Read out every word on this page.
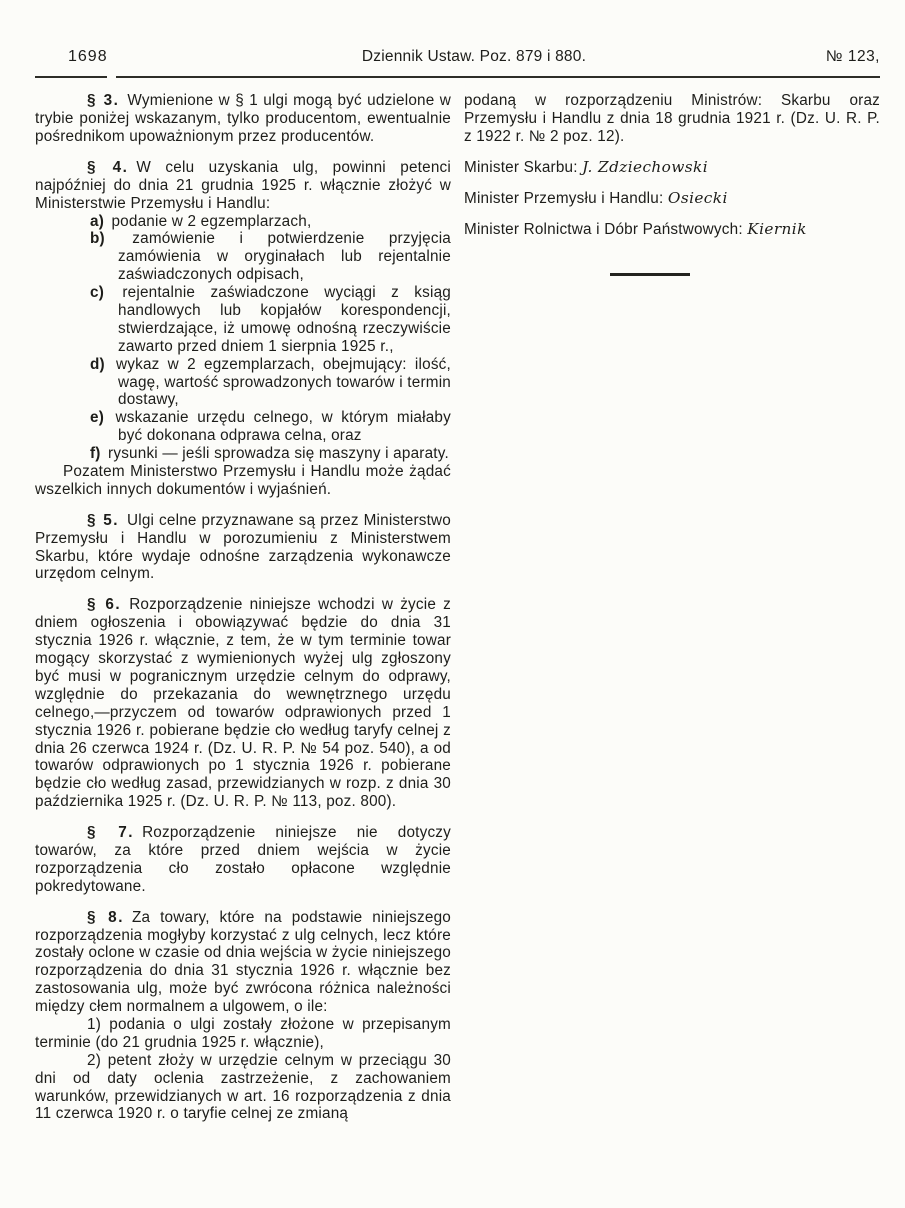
1698	Dziennik Ustaw. Poz. 879 i 880.	№ 123,

§ 3. Wymienione w § 1 ulgi mogą być udzielone w trybie poniżej wskazanym, tylko producentom, ewentualnie pośrednikom upoważnionym przez producentów.

§ 4. W celu uzyskania ulg, powinni petenci najpóźniej do dnia 21 grudnia 1925 r. włącznie złożyć w Ministerstwie Przemysłu i Handlu:

a) podanie w 2 egzemplarzach,

b) zamówienie i potwierdzenie przyjęcia zamówienia w oryginałach lub rejentalnie zaświadczonych odpisach,

c) rejentalnie zaświadczone wyciągi z ksiąg handlowych lub kopjałów korespondencji, stwierdzające, iż umowę odnośną rzeczywiście zawarto przed dniem 1 sierpnia 1925 r.,

d) wykaz w 2 egzemplarzach, obejmujący: ilość, wagę, wartość sprowadzonych towarów i termin dostawy,

e) wskazanie urzędu celnego, w którym miałaby być dokonana odprawa celna, oraz

f) rysunki — jeśli sprowadza się maszyny i aparaty.

Pozatem Ministerstwo Przemysłu i Handlu może żądać wszelkich innych dokumentów i wyjaśnień.

§ 5. Ulgi celne przyznawane są przez Ministerstwo Przemysłu i Handlu w porozumieniu z Ministerstwem Skarbu, które wydaje odnośne zarządzenia wykonawcze urzędom celnym.

§ 6. Rozporządzenie niniejsze wchodzi w życie z dniem ogłoszenia i obowiązywać będzie do dnia 31 stycznia 1926 r. włącznie, z tem, że w tym terminie towar mogący skorzystać z wymienionych wyżej ulg zgłoszony być musi w pogranicznym urzędzie celnym do odprawy, względnie do przekazania do wewnętrznego urzędu celnego,—przyczem od towarów odprawionych przed 1 stycznia 1926 r. pobierane będzie cło według taryfy celnej z dnia 26 czerwca 1924 r. (Dz. U. R. P. № 54 poz. 540), a od towarów odprawionych po 1 stycznia 1926 r. pobierane będzie cło według zasad, przewidzianych w rozp. z dnia 30 października 1925 r. (Dz. U. R. P. № 113, poz. 800).

§ 7. Rozporządzenie niniejsze nie dotyczy towarów, za które przed dniem wejścia w życie rozporządzenia cło zostało opłacone względnie pokredytowane.

§ 8. Za towary, które na podstawie niniejszego rozporządzenia mogłyby korzystać z ulg celnych, lecz które zostały oclone w czasie od dnia wejścia w życie niniejszego rozporządzenia do dnia 31 stycznia 1926 r. włącznie bez zastosowania ulg, może być zwrócona różnica należności między cłem normalnem a ulgowem, o ile:

1) podania o ulgi zostały złożone w przepisanym terminie (do 21 grudnia 1925 r. włącznie),

2) petent złoży w urzędzie celnym w przeciągu 30 dni od daty oclenia zastrzeżenie, z zachowaniem warunków, przewidzianych w art. 16 rozporządzenia z dnia 11 czerwca 1920 r. o taryfie celnej ze zmianą

podaną w rozporządzeniu Ministrów: Skarbu oraz Przemysłu i Handlu z dnia 18 grudnia 1921 r. (Dz. U. R. P. z 1922 r. № 2 poz. 12).

Minister Skarbu: J. Zdziechowski

Minister Przemysłu i Handlu: Osiecki

Minister Rolnictwa i Dóbr Państwowych: Kiernik
